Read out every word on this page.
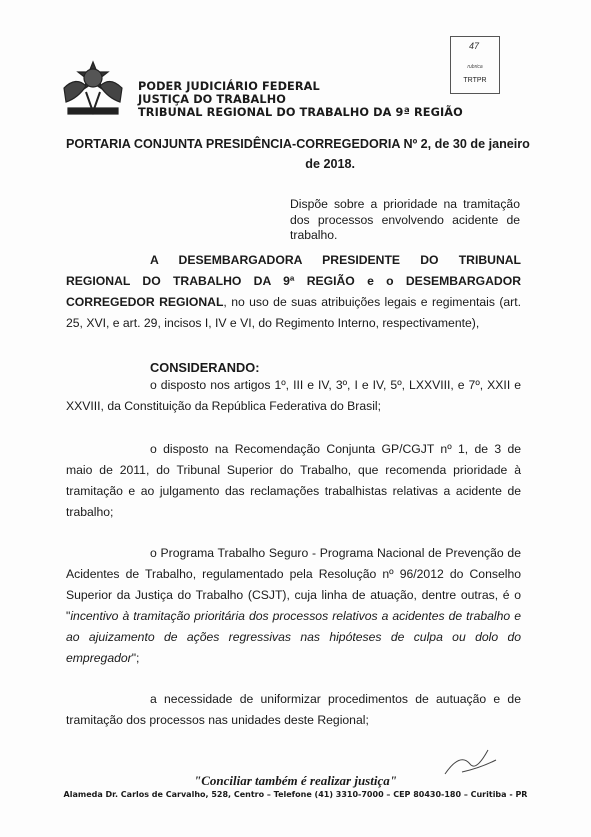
PODER JUDICIÁRIO FEDERAL
JUSTIÇA DO TRABALHO
TRIBUNAL REGIONAL DO TRABALHO DA 9ª REGIÃO
47
rubrica
TRTPR
PORTARIA CONJUNTA PRESIDÊNCIA-CORREGEDORIA Nº 2, de 30 de janeiro
de 2018.
Dispõe sobre a prioridade na tramitação dos processos envolvendo acidente de trabalho.
A DESEMBARGADORA PRESIDENTE DO TRIBUNAL REGIONAL DO TRABALHO DA 9ª REGIÃO e o DESEMBARGADOR CORREGEDOR REGIONAL, no uso de suas atribuições legais e regimentais (art. 25, XVI, e art. 29, incisos I, IV e VI, do Regimento Interno, respectivamente),
CONSIDERANDO:
o disposto nos artigos 1º, III e IV, 3º, I e IV, 5º, LXXVIII, e 7º, XXII e XXVIII, da Constituição da República Federativa do Brasil;
o disposto na Recomendação Conjunta GP/CGJT nº 1, de 3 de maio de 2011, do Tribunal Superior do Trabalho, que recomenda prioridade à tramitação e ao julgamento das reclamações trabalhistas relativas a acidente de trabalho;
o Programa Trabalho Seguro - Programa Nacional de Prevenção de Acidentes de Trabalho, regulamentado pela Resolução nº 96/2012 do Conselho Superior da Justiça do Trabalho (CSJT), cuja linha de atuação, dentre outras, é o "incentivo à tramitação prioritária dos processos relativos a acidentes de trabalho e ao ajuizamento de ações regressivas nas hipóteses de culpa ou dolo do empregador";
a necessidade de uniformizar procedimentos de autuação e de tramitação dos processos nas unidades deste Regional;
"Conciliar também é realizar justiça"
Alameda Dr. Carlos de Carvalho, 528, Centro – Telefone (41) 3310-7000 – CEP 80430-180 – Curitiba - PR
